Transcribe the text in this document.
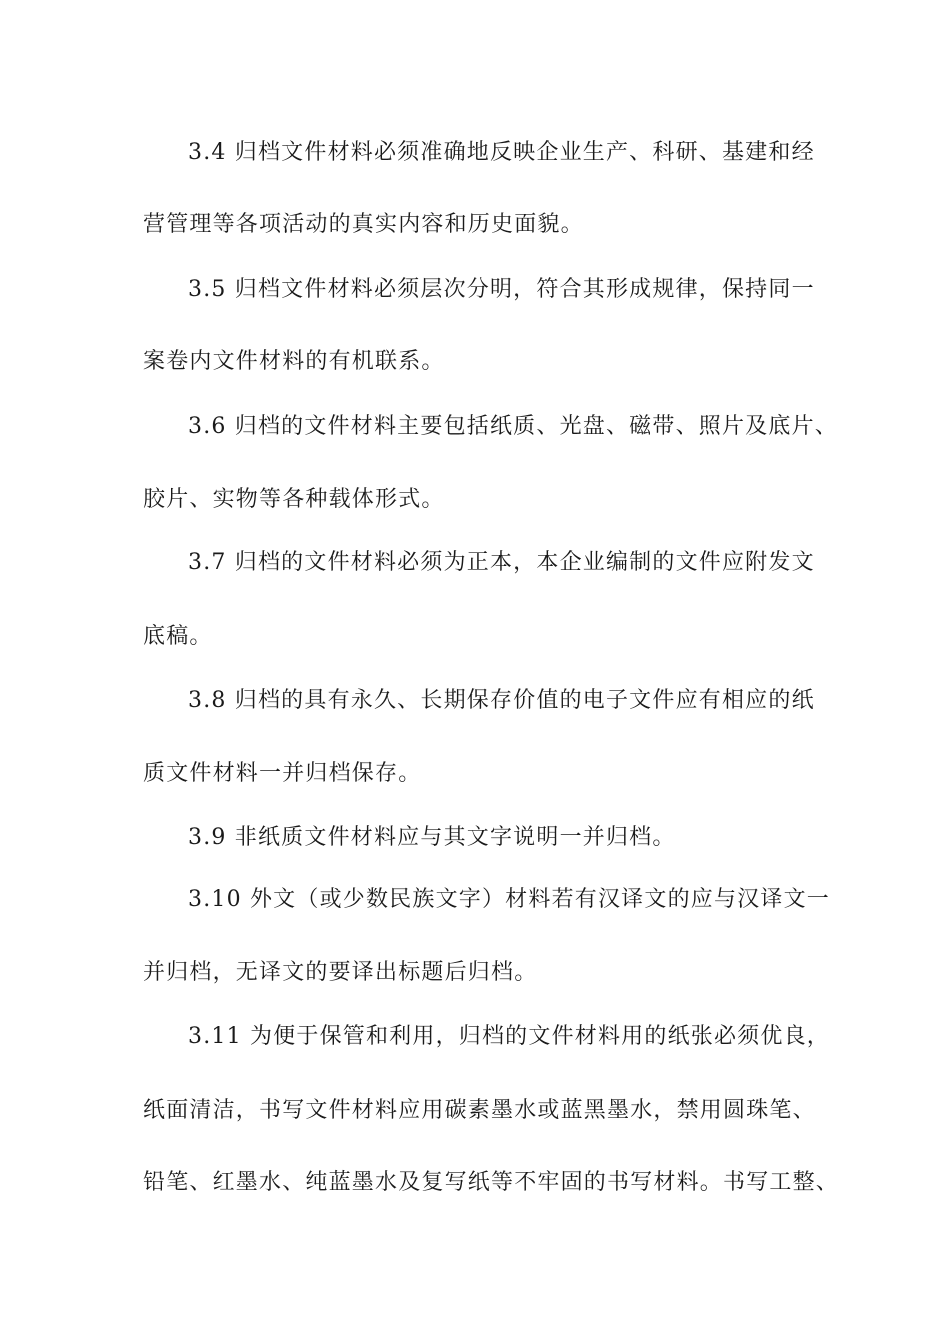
3.4 归档文件材料必须准确地反映企业生产、科研、基建和经
营管理等各项活动的真实内容和历史面貌。
3.5 归档文件材料必须层次分明，符合其形成规律，保持同一
案卷内文件材料的有机联系。
3.6 归档的文件材料主要包括纸质、光盘、磁带、照片及底片、
胶片、实物等各种载体形式。
3.7 归档的文件材料必须为正本，本企业编制的文件应附发文
底稿。
3.8 归档的具有永久、长期保存价值的电子文件应有相应的纸
质文件材料一并归档保存。
3.9 非纸质文件材料应与其文字说明一并归档。
3.10 外文（或少数民族文字）材料若有汉译文的应与汉译文一
并归档，无译文的要译出标题后归档。
3.11 为便于保管和利用，归档的文件材料用的纸张必须优良，
纸面清洁，书写文件材料应用碳素墨水或蓝黑墨水，禁用圆珠笔、
铅笔、红墨水、纯蓝墨水及复写纸等不牢固的书写材料。书写工整、
